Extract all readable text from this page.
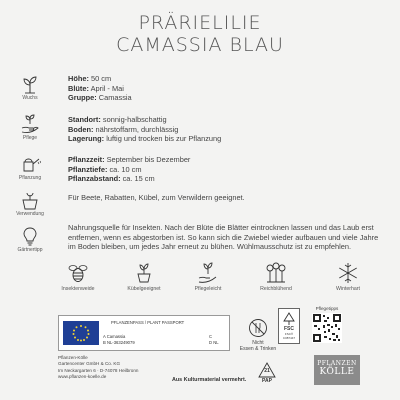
PRÄRIELILIE
CAMASSIA BLAU
Wuchs

Höhe: 50 cm

Blüte: April - Mai

Gruppe: Camassia

Pflege

Standort: sonnig-halbschattig

Boden: nährstoffarm, durchlässig

Lagerung: luftig und trocken bis zur Pflanzung

Pflanzung

Pflanzzeit: September bis Dezember

Pflanztiefe: ca. 10 cm

Pflanzabstand: ca. 15 cm

Verwendung
Für Beete, Rabatten, Kübel, zum Verwildern geeignet.
Gärtnertipp
Nahrungsquelle für Insekten. Nach der Blüte die Blätter eintrocknen lassen und das Laub erst entfernen, wenn es abgestorben ist. So kann sich die Zwiebel wieder aufbauen und viele Jahre im Boden bleiben, um jedes Jahr erneut zu blühen. Wühlmausschutz ist zu empfehlen.
Insektenweide	Kübelgeeignet	Pflegeleicht	Reichblühend	Winterhart
PFLANZENPASS / PLANT PASSPORT
A Camassia
B NL-363249079
C
D NL	Nicht
Essen & Trinken
FSC
FSC® C087447
Pflegetipps
21
PAP
Pflanzen-Kölle
Gartencenter GmbH & Co. KG
Im Neckargarten 6 · D-74078 Heilbronn
www.pflanzen-koelle.de
Aus Kulturmaterial vermehrt.
PFLANZEN
KÖLLE
